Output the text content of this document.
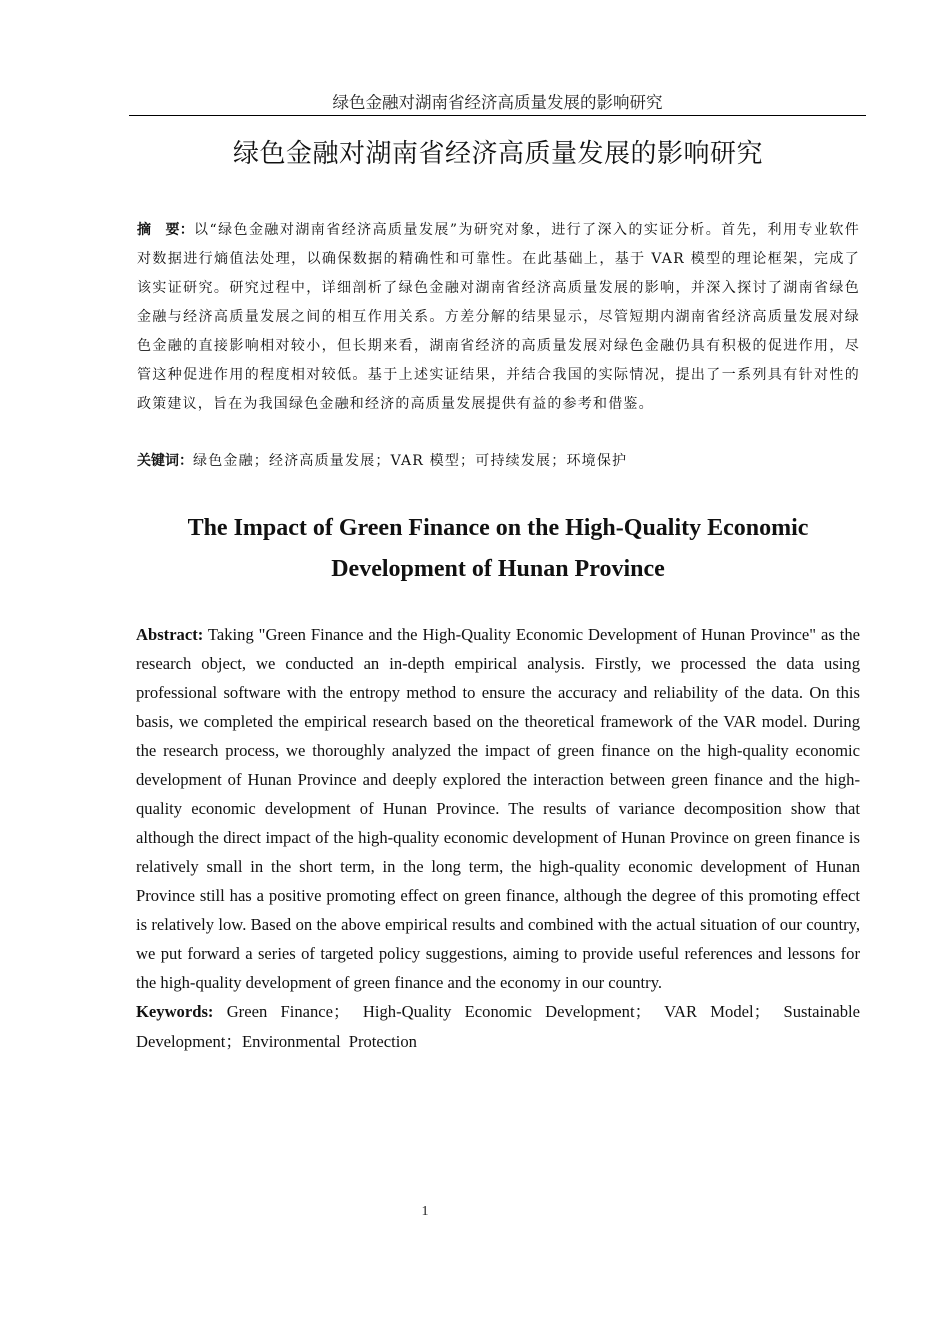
绿色金融对湖南省经济高质量发展的影响研究
绿色金融对湖南省经济高质量发展的影响研究

摘　要：以“绿色金融对湖南省经济高质量发展”为研究对象，进行了深入的实证分析。首先，利用专业软件对数据进行熵值法处理，以确保数据的精确性和可靠性。在此基础上，基于 VAR 模型的理论框架，完成了该实证研究。研究过程中，详细剖析了绿色金融对湖南省经济高质量发展的影响，并深入探讨了湖南省绿色金融与经济高质量发展之间的相互作用关系。方差分解的结果显示，尽管短期内湖南省经济高质量发展对绿色金融的直接影响相对较小，但长期来看，湖南省经济的高质量发展对绿色金融仍具有积极的促进作用，尽管这种促进作用的程度相对较低。基于上述实证结果，并结合我国的实际情况，提出了一系列具有针对性的政策建议，旨在为我国绿色金融和经济的高质量发展提供有益的参考和借鉴。

关键词：绿色金融；经济高质量发展；VAR 模型；可持续发展；环境保护

The Impact of Green Finance on the High-Quality Economic
Development of Hunan Province

Abstract: Taking "Green Finance and the High-Quality Economic Development of Hunan Province" as the research object, we conducted an in-depth empirical analysis. Firstly, we processed the data using professional software with the entropy method to ensure the accuracy and reliability of the data. On this basis, we completed the empirical research based on the theoretical framework of the VAR model. During the research process, we thoroughly analyzed the impact of green finance on the high-quality economic development of Hunan Province and deeply explored the interaction between green finance and the high-quality economic development of Hunan Province. The results of variance decomposition show that although the direct impact of the high-quality economic development of Hunan Province on green finance is relatively small in the short term, in the long term, the high-quality economic development of Hunan Province still has a positive promoting effect on green finance, although the degree of this promoting effect is relatively low. Based on the above empirical results and combined with the actual situation of our country, we put forward a series of targeted policy suggestions, aiming to provide useful references and lessons for the high-quality development of green finance and the economy in our country.

Keywords: Green Finance； High-Quality Economic Development； VAR Model； Sustainable Development；Environmental Protection

1
